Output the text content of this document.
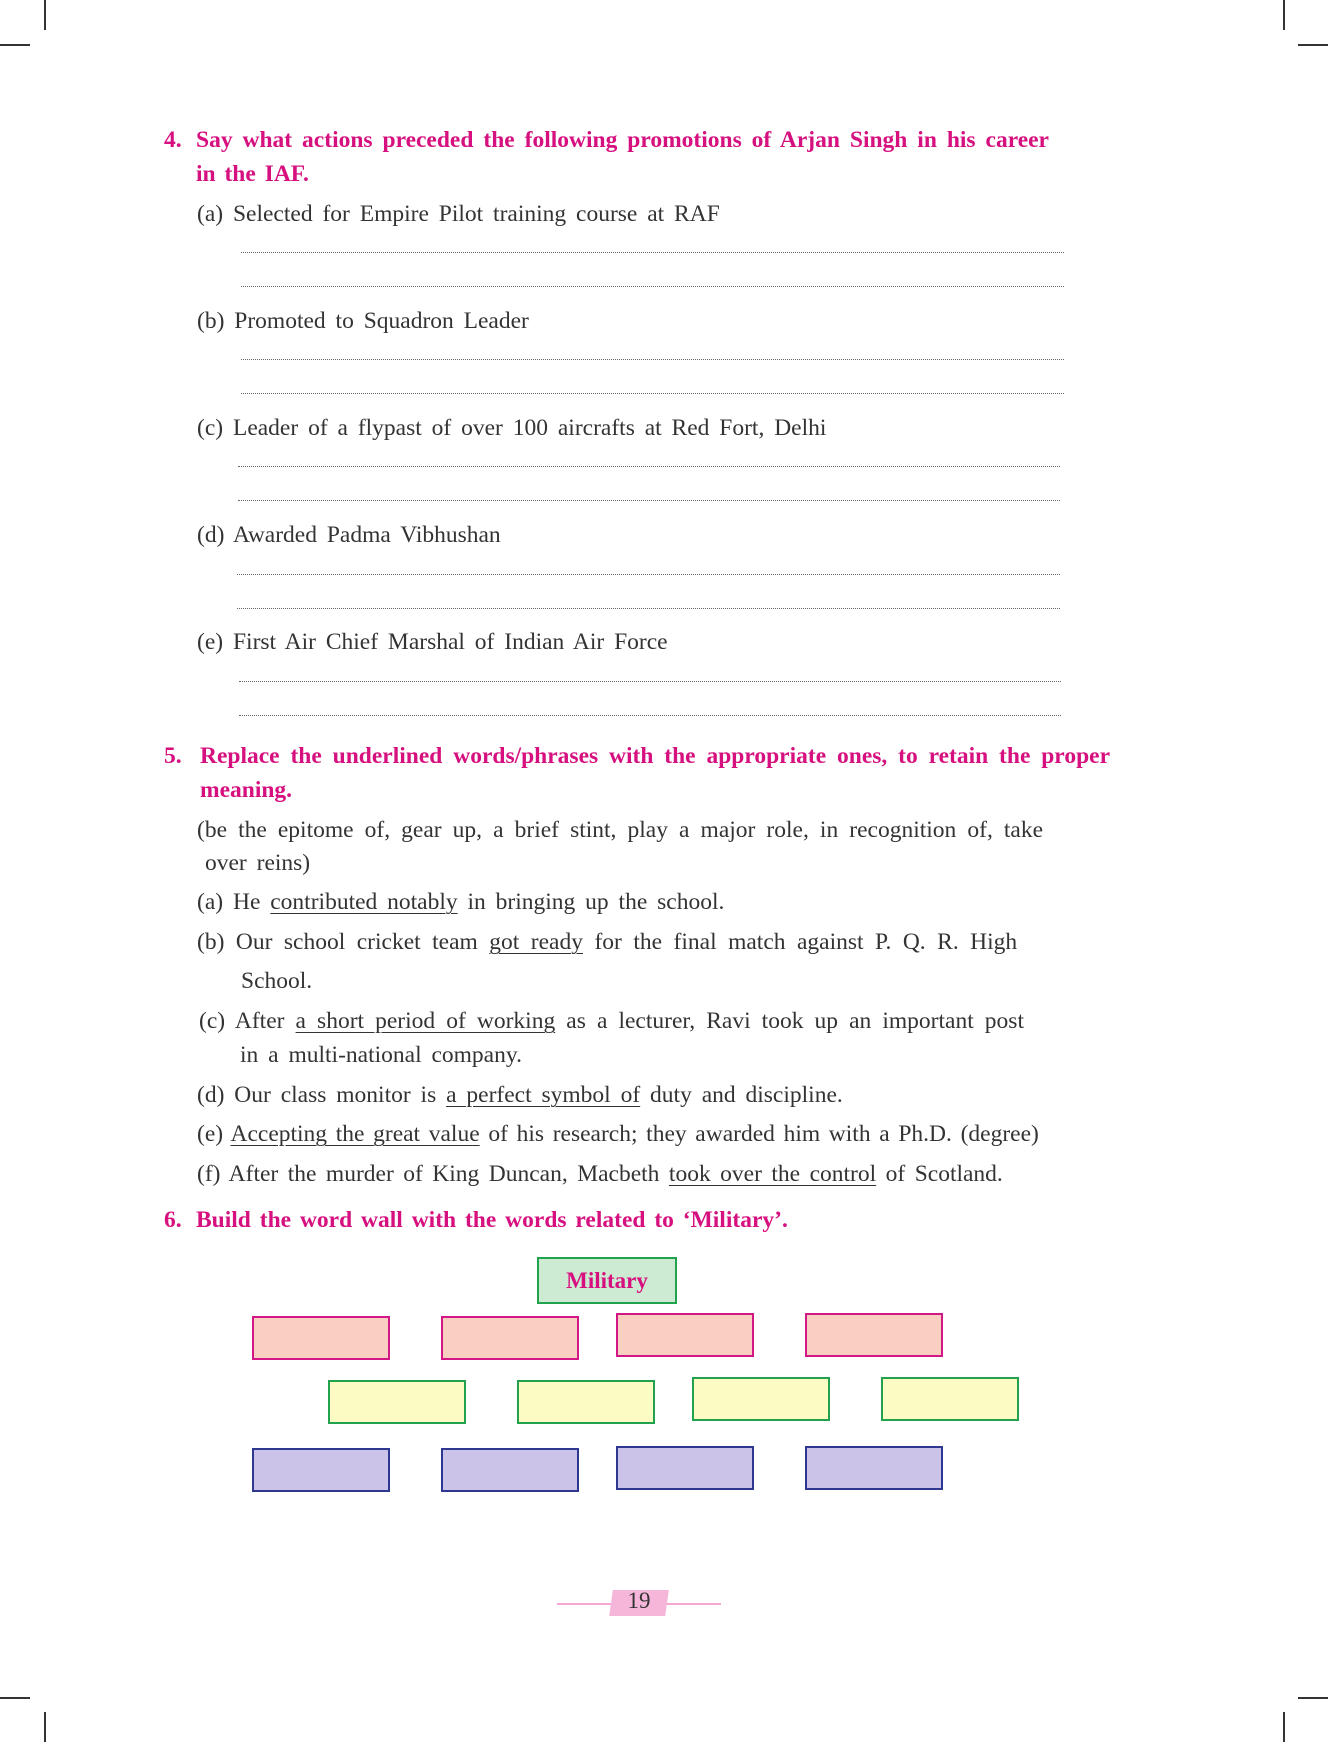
4. Say what actions preceded the following promotions of Arjan Singh in his career in the IAF.
(a) Selected for Empire Pilot training course at RAF
(b) Promoted to Squadron Leader
(c) Leader of a flypast of over 100 aircrafts at Red Fort, Delhi
(d) Awarded Padma Vibhushan
(e) First Air Chief Marshal of Indian Air Force
5. Replace the underlined words/phrases with the appropriate ones, to retain the proper meaning.
(be the epitome of, gear up, a brief stint, play a major role, in recognition of, take
over reins)
(a) He contributed notably in bringing up the school.
(b) Our school cricket team got ready for the final match against P. Q. R. High
School.
(c) After a short period of working as a lecturer, Ravi took up an important post
in a multi-national company.
(d) Our class monitor is a perfect symbol of duty and discipline.
(e) Accepting the great value of his research; they awarded him with a Ph.D. (degree)
(f) After the murder of King Duncan, Macbeth took over the control of Scotland.
6. Build the word wall with the words related to ‘Military’.
Military
19
